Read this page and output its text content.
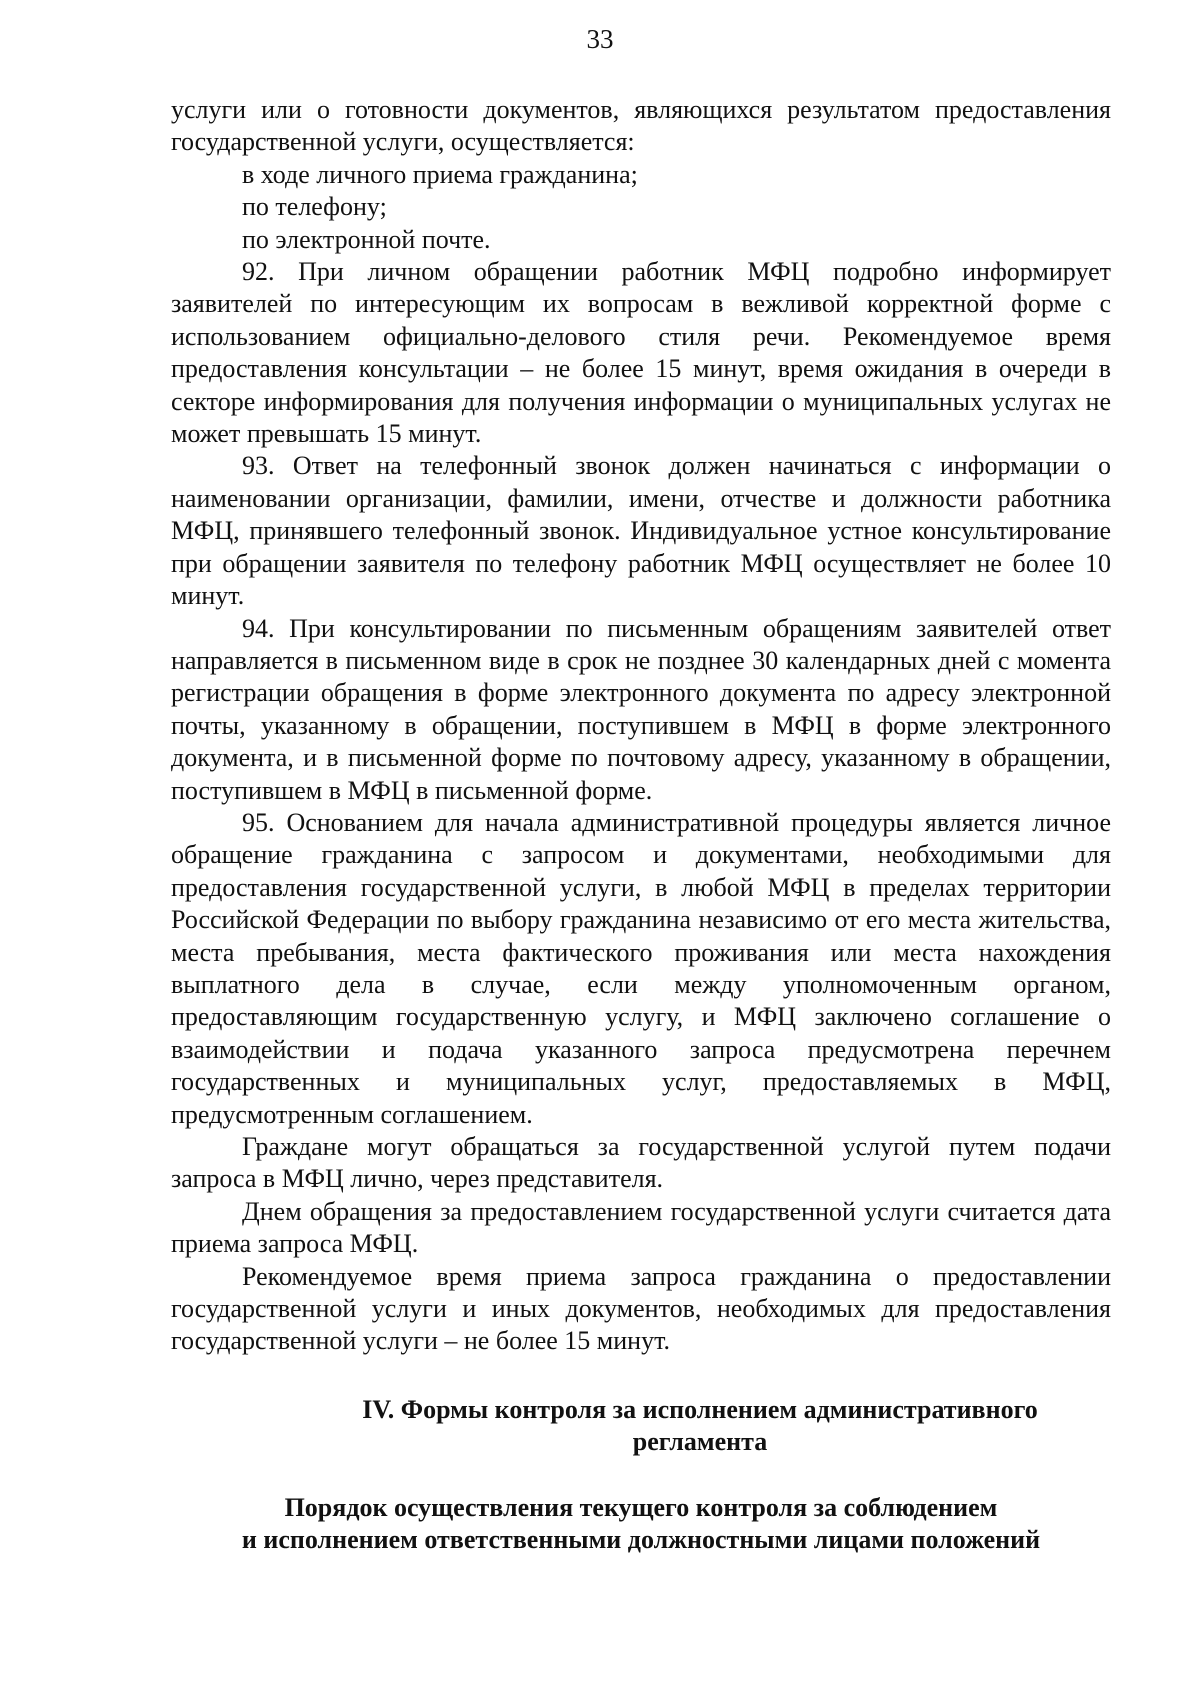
33

услуги или о готовности документов, являющихся результатом предоставления государственной услуги, осуществляется:

в ходе личного приема гражданина;

по телефону;

по электронной почте.

92. При личном обращении работник МФЦ подробно информирует заявителей по интересующим их вопросам в вежливой корректной форме с использованием официально-делового стиля речи. Рекомендуемое время предоставления консультации – не более 15 минут, время ожидания в очереди в секторе информирования для получения информации о муниципальных услугах не может превышать 15 минут.

93. Ответ на телефонный звонок должен начинаться с информации о наименовании организации, фамилии, имени, отчестве и должности работника МФЦ, принявшего телефонный звонок. Индивидуальное устное консультирование при обращении заявителя по телефону работник МФЦ осуществляет не более 10 минут.

94. При консультировании по письменным обращениям заявителей ответ направляется в письменном виде в срок не позднее 30 календарных дней с момента регистрации обращения в форме электронного документа по адресу электронной почты, указанному в обращении, поступившем в МФЦ в форме электронного документа, и в письменной форме по почтовому адресу, указанному в обращении, поступившем в МФЦ в письменной форме.

95. Основанием для начала административной процедуры является личное обращение гражданина с запросом и документами, необходимыми для предоставления государственной услуги, в любой МФЦ в пределах территории Российской Федерации по выбору гражданина независимо от его места жительства, места пребывания, места фактического проживания или места нахождения выплатного дела в случае, если между уполномоченным органом, предоставляющим государственную услугу, и МФЦ заключено соглашение о взаимодействии и подача указанного запроса предусмотрена перечнем государственных и муниципальных услуг, предоставляемых в МФЦ, предусмотренным соглашением.

Граждане могут обращаться за государственной услугой путем подачи запроса в МФЦ лично, через представителя.

Днем обращения за предоставлением государственной услуги считается дата приема запроса МФЦ.

Рекомендуемое время приема запроса гражданина о предоставлении государственной услуги и иных документов, необходимых для предоставления государственной услуги – не более 15 минут.

IV. Формы контроля за исполнением административного
регламента
Порядок осуществления текущего контроля за соблюдением
и исполнением ответственными должностными лицами положений
